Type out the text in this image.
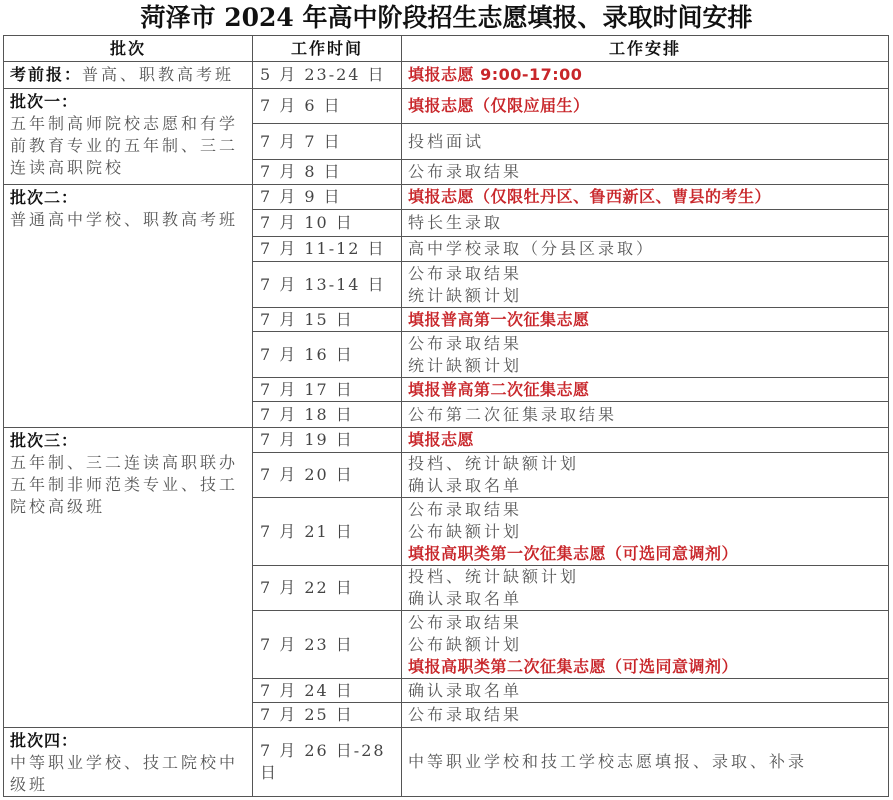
菏泽市 2024 年高中阶段招生志愿填报、录取时间安排
批次	工作时间	工作安排
考前报：普高、职教高考班	5 月 23-24 日	填报志愿 9:00-17:00

批次一：
五年制高师院校志愿和有学前教育专业的五年制、三二连读高职院校	7 月 6 日	填报志愿（仅限应届生）

	7 月 7 日	投档面试

	7 月 8 日	公布录取结果

批次二：
普通高中学校、职教高考班	7 月 9 日	填报志愿（仅限牡丹区、鲁西新区、曹县的考生）

	7 月 10 日	特长生录取

	7 月 11-12 日	高中学校录取（分县区录取）

	7 月 13-14 日	公布录取结果
统计缺额计划

	7 月 15 日	填报普高第一次征集志愿

	7 月 16 日	公布录取结果
统计缺额计划

	7 月 17 日	填报普高第二次征集志愿

	7 月 18 日	公布第二次征集录取结果

批次三：
五年制、三二连读高职联办五年制非师范类专业、技工院校高级班	7 月 19 日	填报志愿

	7 月 20 日	投档、统计缺额计划
确认录取名单

	7 月 21 日	公布录取结果
公布缺额计划
填报高职类第一次征集志愿（可选同意调剂）

	7 月 22 日	投档、统计缺额计划
确认录取名单

	7 月 23 日	公布录取结果
公布缺额计划
填报高职类第二次征集志愿（可选同意调剂）

	7 月 24 日	确认录取名单

	7 月 25 日	公布录取结果

批次四：
中等职业学校、技工院校中级班	7 月 26 日-28 日	中等职业学校和技工学校志愿填报、录取、补录
